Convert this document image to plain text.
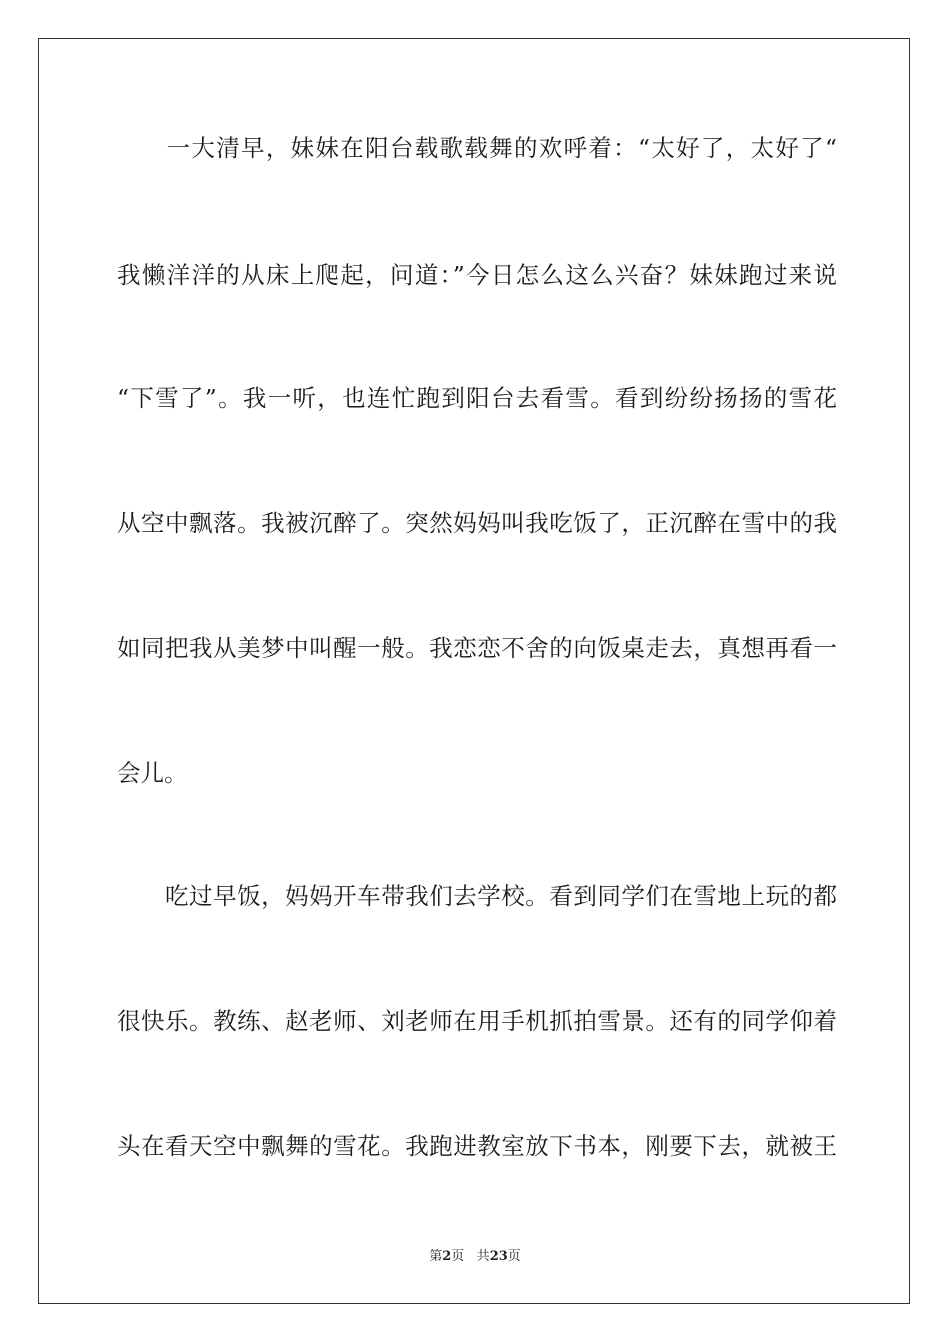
　　一大清早，妹妹在阳台载歌载舞的欢呼着：“太好了，太好了“
我懒洋洋的从床上爬起，问道：”今日怎么这么兴奋？妹妹跑过来说
“下雪了”。我一听，也连忙跑到阳台去看雪。看到纷纷扬扬的雪花
从空中飘落。我被沉醉了。突然妈妈叫我吃饭了，正沉醉在雪中的我
如同把我从美梦中叫醒一般。我恋恋不舍的向饭桌走去，真想再看一
会儿。
　　吃过早饭，妈妈开车带我们去学校。看到同学们在雪地上玩的都
很快乐。教练、赵老师、刘老师在用手机抓拍雪景。还有的同学仰着
头在看天空中飘舞的雪花。我跑进教室放下书本，刚要下去，就被王
第2页 共23页
